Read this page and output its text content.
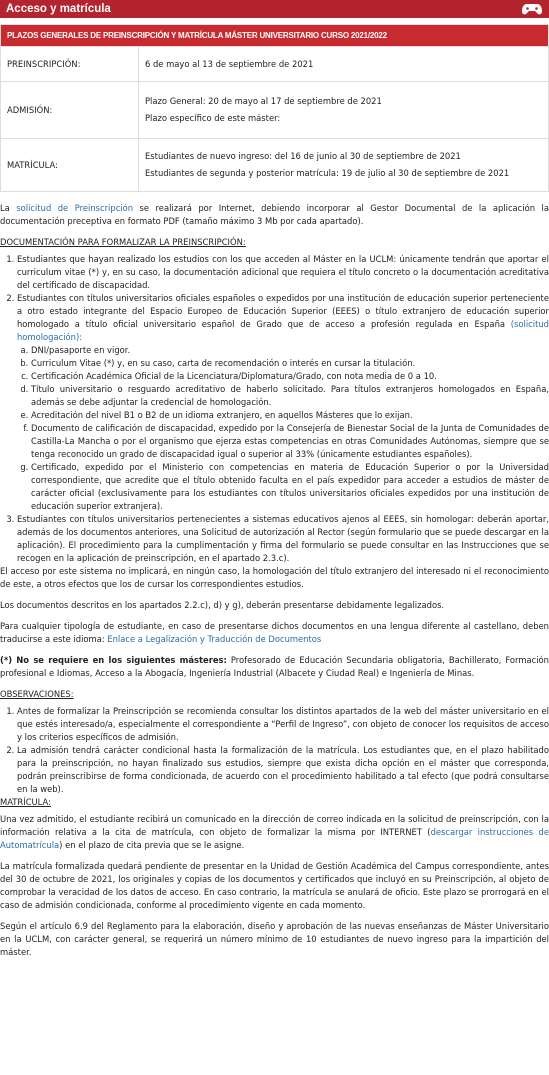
Acceso y matrícula
PLAZOS GENERALES DE PREINSCRIPCIÓN Y MATRÍCULA MÁSTER UNIVERSITARIO CURSO 2021/2022	
PREINSCRIPCIÓN:	6 de mayo al 13 de septiembre de 2021

ADMISIÓN:	Plazo General: 20 de mayo al 17 de septiembre de 2021
Plazo específico de este máster:

MATRÍCULA:	Estudiantes de nuevo ingreso: del 16 de junio al 30 de septiembre de 2021
Estudiantes de segunda y posterior matrícula: 19 de julio al 30 de septiembre de 2021

La solicitud de Preinscripción se realizará por Internet, debiendo incorporar al Gestor Documental de la aplicación la documentación preceptiva en formato PDF (tamaño máximo 3 Mb por cada apartado).

DOCUMENTACIÓN PARA FORMALIZAR LA PREINSCRIPCIÓN:
1. Estudiantes que hayan realizado los estudios con los que acceden al Máster en la UCLM: únicamente tendrán que aportar el curriculum vitae (*) y, en su caso, la documentación adicional que requiera el título concreto o la documentación acreditativa del certificado de discapacidad.
2. Estudiantes con títulos universitarios oficiales españoles o expedidos por una institución de educación superior perteneciente a otro estado integrante del Espacio Europeo de Educación Superior (EEES) o título extranjero de educación superior homologado a título oficial universitario español de Grado que de acceso a profesión regulada en España (solicitud homologación):
a. DNI/pasaporte en vigor.
b. Curriculum Vitae (*) y, en su caso, carta de recomendación o interés en cursar la titulación.
c. Certificación Académica Oficial de la Licenciatura/Diplomatura/Grado, con nota media de 0 a 10.
d. Título universitario o resguardo acreditativo de haberlo solicitado. Para títulos extranjeros homologados en España, además se debe adjuntar la credencial de homologación.
e. Acreditación del nivel B1 o B2 de un idioma extranjero, en aquellos Másteres que lo exijan.
f. Documento de calificación de discapacidad, expedido por la Consejería de Bienestar Social de la Junta de Comunidades de Castilla-La Mancha o por el organismo que ejerza estas competencias en otras Comunidades Autónomas, siempre que se tenga reconocido un grado de discapacidad igual o superior al 33% (únicamente estudiantes españoles).
g. Certificado, expedido por el Ministerio con competencias en materia de Educación Superior o por la Universidad correspondiente, que acredite que el título obtenido faculta en el país expedidor para acceder a estudios de máster de carácter oficial (exclusivamente para los estudiantes con títulos universitarios oficiales expedidos por una institución de educación superior extranjera).
3. Estudiantes con títulos universitarios pertenecientes a sistemas educativos ajenos al EEES, sin homologar: deberán aportar, además de los documentos anteriores, una Solicitud de autorización al Rector (según formulario que se puede descargar en la aplicación). El procedimiento para la cumplimentación y firma del formulario se puede consultar en las Instrucciones que se recogen en la aplicación de preinscripción, en el apartado 2.3.c).

El acceso por este sistema no implicará, en ningún caso, la homologación del título extranjero del interesado ni el reconocimiento de este, a otros efectos que los de cursar los correspondientes estudios.

Los documentos descritos en los apartados 2.2.c), d) y g), deberán presentarse debidamente legalizados.

Para cualquier tipología de estudiante, en caso de presentarse dichos documentos en una lengua diferente al castellano, deben traducirse a este idioma: Enlace a Legalización y Traducción de Documentos

(*) No se requiere en los siguientes másteres: Profesorado de Educación Secundaria obligatoria, Bachillerato, Formación profesional e Idiomas, Acceso a la Abogacía, Ingeniería Industrial (Albacete y Ciudad Real) e Ingeniería de Minas.

OBSERVACIONES:
1. Antes de formalizar la Preinscripción se recomienda consultar los distintos apartados de la web del máster universitario en el que estés interesado/a, especialmente el correspondiente a “Perfil de Ingreso”, con objeto de conocer los requisitos de acceso y los criterios específicos de admisión.
2. La admisión tendrá carácter condicional hasta la formalización de la matrícula. Los estudiantes que, en el plazo habilitado para la preinscripción, no hayan finalizado sus estudios, siempre que exista dicha opción en el máster que corresponda, podrán preinscribirse de forma condicionada, de acuerdo con el procedimiento habilitado a tal efecto (que podrá consultarse en la web).
MATRÍCULA:

Una vez admitido, el estudiante recibirá un comunicado en la dirección de correo indicada en la solicitud de preinscripción, con la información relativa a la cita de matrícula, con objeto de formalizar la misma por INTERNET (descargar instrucciones de Automatrícula) en el plazo de cita previa que se le asigne.

La matrícula formalizada quedará pendiente de presentar en la Unidad de Gestión Académica del Campus correspondiente, antes del 30 de octubre de 2021, los originales y copias de los documentos y certificados que incluyó en su Preinscripción, al objeto de comprobar la veracidad de los datos de acceso. En caso contrario, la matrícula se anulará de oficio. Este plazo se prorrogará en el caso de admisión condicionada, conforme al procedimiento vigente en cada momento.

Según el artículo 6.9 del Reglamento para la elaboración, diseño y aprobación de las nuevas enseñanzas de Máster Universitario en la UCLM, con carácter general, se requerirá un número mínimo de 10 estudiantes de nuevo ingreso para la impartición del máster.
